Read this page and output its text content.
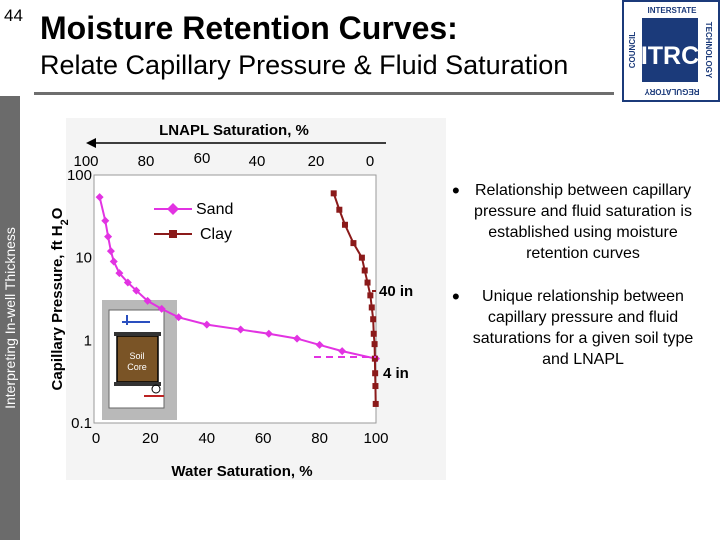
44 Moisture Retention Curves:
Relate Capillary Pressure & Fluid Saturation
Interpreting In-well Thickness
ITRC
INTERSTATE
REGULATORY
COUNCIL	TECHNOLOGY
Soil
Core
0	20	40	60	80 100
100	80	60	40	20	0
0.1
1
10
100
Water Saturation, %
LNAPL Saturation, %
Capillary Pressure, ft $H_2O$
40 in
4 in
Sand
Clay
• Relationship between capillary pressure and fluid saturation is established using moisture retention curves
•	Unique relationship between capillary pressure and fluid saturations for a given soil type and LNAPL
